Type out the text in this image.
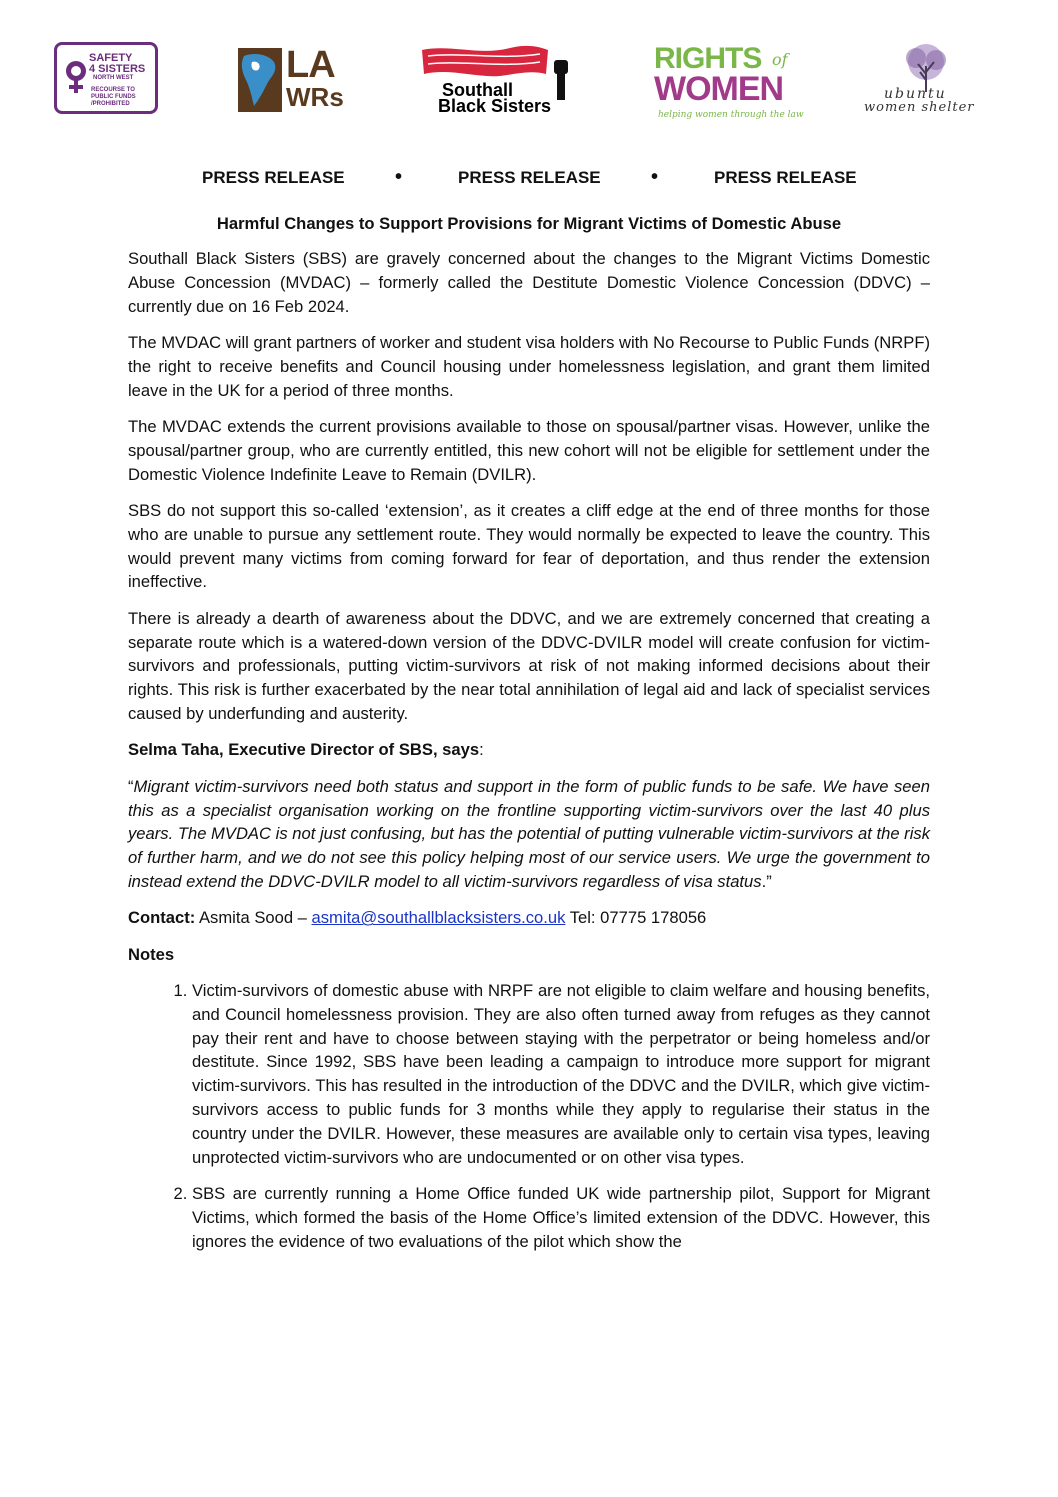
SAFETY
4 SISTERS
NORTH WEST
RECOURSE TO
PUBLIC FUNDS /PROHIBITED
LA
WRs	Southall
Black Sisters
RIGHTS of
WOMEN
helping women through the law
ubuntu
women shelter
PRESS RELEASE	•	PRESS RELEASE	•	PRESS RELEASE
Harmful Changes to Support Provisions for Migrant Victims of Domestic Abuse

Southall Black Sisters (SBS) are gravely concerned about the changes to the Migrant Victims Domestic Abuse Concession (MVDAC) – formerly called the Destitute Domestic Violence Concession (DDVC) – currently due on 16 Feb 2024.

The MVDAC will grant partners of worker and student visa holders with No Recourse to Public Funds (NRPF) the right to receive benefits and Council housing under homelessness legislation, and grant them limited leave in the UK for a period of three months.

The MVDAC extends the current provisions available to those on spousal/partner visas. However, unlike the spousal/partner group, who are currently entitled, this new cohort will not be eligible for settlement under the Domestic Violence Indefinite Leave to Remain (DVILR).

SBS do not support this so-called ‘extension’, as it creates a cliff edge at the end of three months for those who are unable to pursue any settlement route. They would normally be expected to leave the country. This would prevent many victims from coming forward for fear of deportation, and thus render the extension ineffective.

There is already a dearth of awareness about the DDVC, and we are extremely concerned that creating a separate route which is a watered-down version of the DDVC-DVILR model will create confusion for victim-survivors and professionals, putting victim-survivors at risk of not making informed decisions about their rights. This risk is further exacerbated by the near total annihilation of legal aid and lack of specialist services caused by underfunding and austerity.

Selma Taha, Executive Director of SBS, says:

“Migrant victim-survivors need both status and support in the form of public funds to be safe. We have seen this as a specialist organisation working on the frontline supporting victim-survivors over the last 40 plus years. The MVDAC is not just confusing, but has the potential of putting vulnerable victim-survivors at the risk of further harm, and we do not see this policy helping most of our service users. We urge the government to instead extend the DDVC-DVILR model to all victim-survivors regardless of visa status.”

Contact: Asmita Sood – asmita@southallblacksisters.co.uk Tel: 07775 178056

Notes

1. Victim-survivors of domestic abuse with NRPF are not eligible to claim welfare and housing benefits, and Council homelessness provision. They are also often turned away from refuges as they cannot pay their rent and have to choose between staying with the perpetrator or being homeless and/or destitute. Since 1992, SBS have been leading a campaign to introduce more support for migrant victim-survivors. This has resulted in the introduction of the DDVC and the DVILR, which give victim-survivors access to public funds for 3 months while they apply to regularise their status in the country under the DVILR. However, these measures are available only to certain visa types, leaving unprotected victim-survivors who are undocumented or on other visa types.
2. SBS are currently running a Home Office funded UK wide partnership pilot, Support for Migrant Victims, which formed the basis of the Home Office’s limited extension of the DDVC. However, this ignores the evidence of two evaluations of the pilot which show the
